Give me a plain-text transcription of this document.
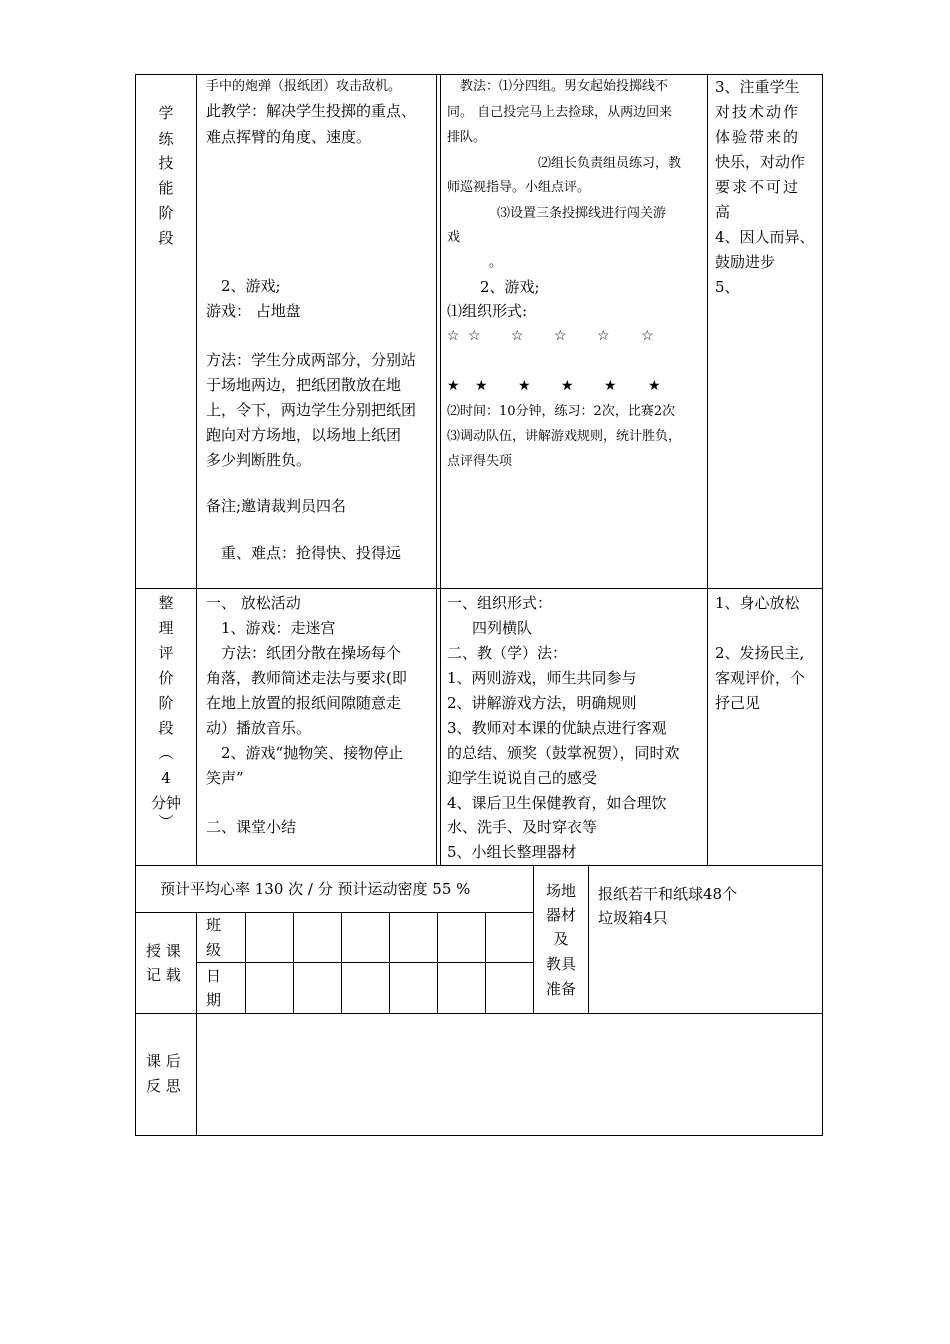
学
练
技
能
阶
段
手中的炮弹（报纸团）攻击敌机。
此教学：解决学生投掷的重点、
难点挥臂的角度、速度。
2、游戏;
游戏： 占地盘
方法：学生分成两部分，分别站
于场地两边，把纸团散放在地
上，令下，两边学生分别把纸团
跑向对方场地，以场地上纸团
多少判断胜负。
备注;邀请裁判员四名
重、难点：抢得快、投得远
教法：⑴分四组。男女起始投掷线不
同。 自己投完马上去捡球，从两边回来
排队。
⑵组长负责组员练习，教
师巡视指导。小组点评。
⑶设置三条投掷线进行闯关游
戏
。
2、游戏;
⑴组织形式:
☆ ☆ ☆ ☆ ☆ ☆
★ ★ ★ ★ ★ ★
⑵时间：10分钟，练习：2次，比赛2次
⑶调动队伍，讲解游戏规则，统计胜负，
点评得失项
3、注重学生
对技术动作
体验带来的
快乐，对动作
要求不可过
高
4、因人而异、
鼓励进步
5、
整
理
评
价
阶
段
︵
4
分钟
︶
一、 放松活动
1、游戏：走迷宫
方法：纸团分散在操场每个
角落，教师简述走法与要求(即
在地上放置的报纸间隙随意走
动）播放音乐。
2、游戏“抛物笑、接物停止
笑声”
二、课堂小结
一、组织形式：
四列横队
二、教（学）法：
1、两则游戏，师生共同参与
2、讲解游戏方法，明确规则
3、教师对本课的优缺点进行客观
的总结、颁奖（鼓掌祝贺），同时欢
迎学生说说自己的感受
4、课后卫生保健教育，如合理饮
水、洗手、及时穿衣等
5、小组长整理器材
1、身心放松
2、发扬民主,
客观评价，个
抒己见
预计平均心率 130 次 / 分 预计运动密度 55 %	场地
器材
及
教具
准备
报纸若干和纸球48个
垃圾箱4只
授 课
记 载
班
级
日
期
课 后
反 思
